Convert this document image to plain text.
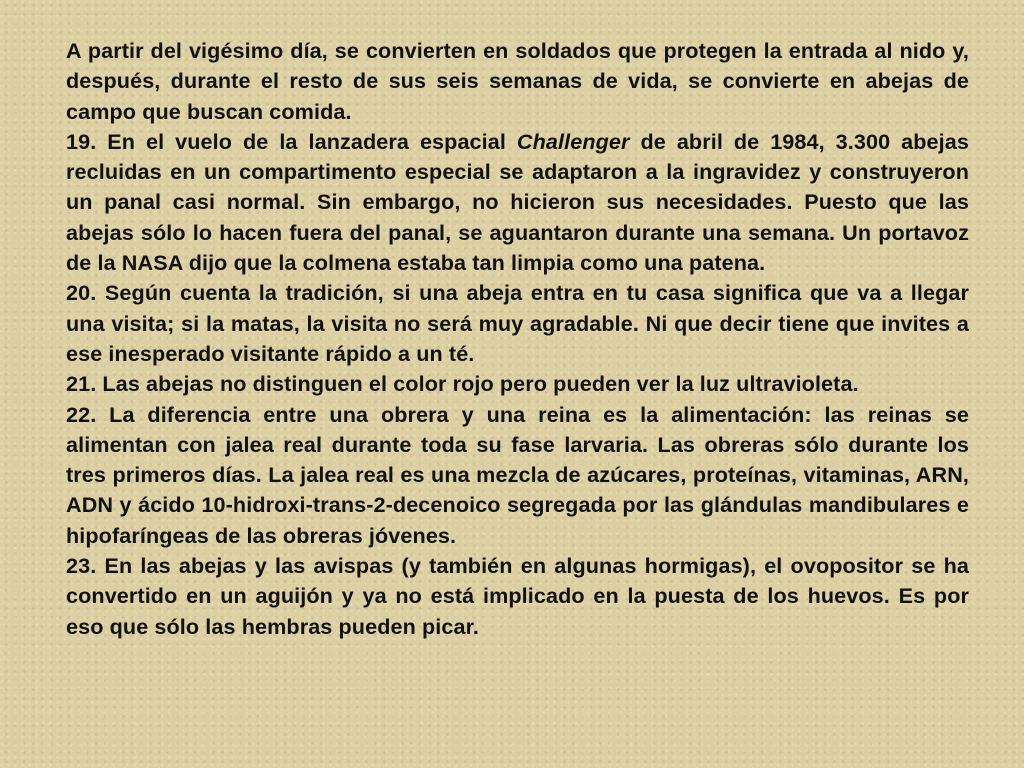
A partir del vigésimo día, se convierten en soldados que protegen la entrada al nido y, después, durante el resto de sus seis semanas de vida, se convierte en abejas de campo que buscan comida.

19. En el vuelo de la lanzadera espacial Challenger de abril de 1984, 3.300 abejas recluidas en un compartimento especial se adaptaron a la ingravidez y construyeron un panal casi normal. Sin embargo, no hicieron sus necesidades. Puesto que las abejas sólo lo hacen fuera del panal, se aguantaron durante una semana. Un portavoz de la NASA dijo que la colmena estaba tan limpia como una patena.

20. Según cuenta la tradición, si una abeja entra en tu casa significa que va a llegar una visita; si la matas, la visita no será muy agradable. Ni que decir tiene que invites a ese inesperado visitante rápido a un té.

21. Las abejas no distinguen el color rojo pero pueden ver la luz ultravioleta.

22. La diferencia entre una obrera y una reina es la alimentación: las reinas se alimentan con jalea real durante toda su fase larvaria. Las obreras sólo durante los tres primeros días. La jalea real es una mezcla de azúcares, proteínas, vitaminas, ARN, ADN y ácido 10-hidroxi-trans-2-decenoico segregada por las glándulas mandibulares e hipofaríngeas de las obreras jóvenes.

23. En las abejas y las avispas (y también en algunas hormigas), el ovopositor se ha convertido en un aguijón y ya no está implicado en la puesta de los huevos. Es por eso que sólo las hembras pueden picar.
